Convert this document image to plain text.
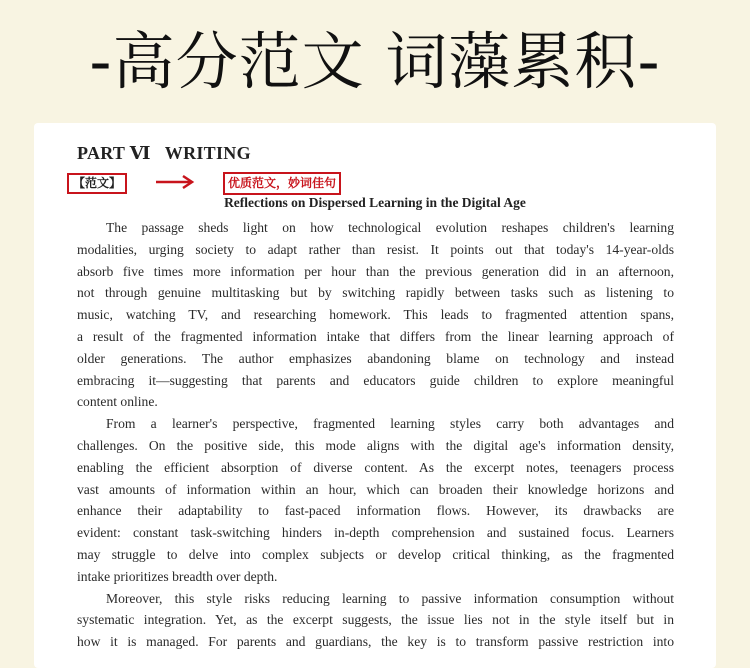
-高分范文 词藻累积-
PART Ⅵ   WRITING
【范文】	优质范文，妙词佳句
Reflections on Dispersed Learning in the Digital Age
The passage sheds light on how technological evolution reshapes children's learning
modalities, urging society to adapt rather than resist. It points out that today's 14-year-olds
absorb five times more information per hour than the previous generation did in an afternoon,
not through genuine multitasking but by switching rapidly between tasks such as listening to
music, watching TV, and researching homework. This leads to fragmented attention spans,
a result of the fragmented information intake that differs from the linear learning approach of
older generations. The author emphasizes abandoning blame on technology and instead
embracing it—suggesting that parents and educators guide children to explore meaningful
content online.
From a learner's perspective, fragmented learning styles carry both advantages and
challenges. On the positive side, this mode aligns with the digital age's information density,
enabling the efficient absorption of diverse content. As the excerpt notes, teenagers process
vast amounts of information within an hour, which can broaden their knowledge horizons and
enhance their adaptability to fast-paced information flows. However, its drawbacks are
evident: constant task-switching hinders in-depth comprehension and sustained focus. Learners
may struggle to delve into complex subjects or develop critical thinking, as the fragmented
intake prioritizes breadth over depth.
Moreover, this style risks reducing learning to passive information consumption without
systematic integration. Yet, as the excerpt suggests, the issue lies not in the style itself but in
how it is managed. For parents and guardians, the key is to transform passive restriction into
